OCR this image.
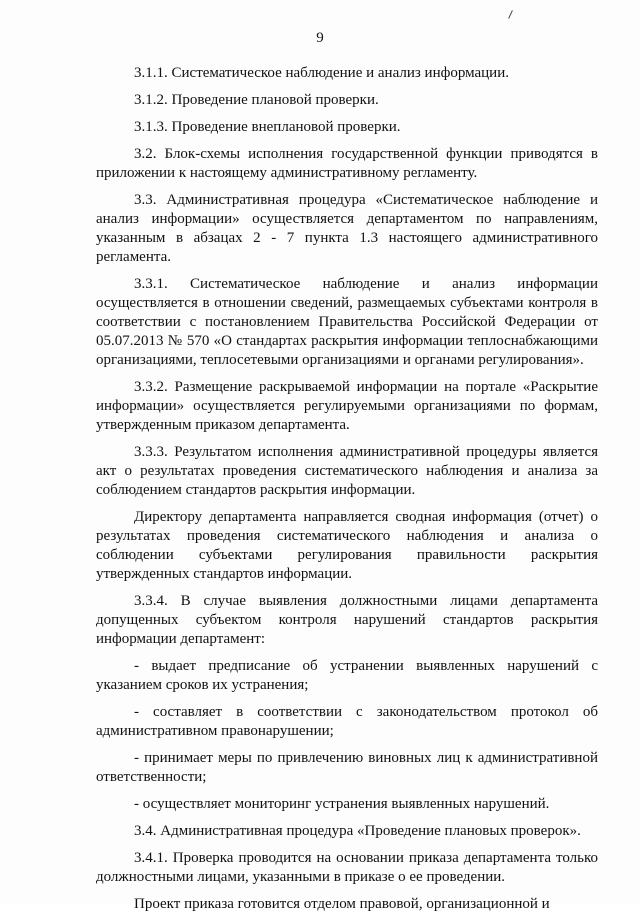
9

3.1.1. Систематическое наблюдение и анализ информации.

3.1.2. Проведение плановой проверки.

3.1.3. Проведение внеплановой проверки.

3.2. Блок-схемы исполнения государственной функции приводятся в приложении к настоящему административному регламенту.

3.3. Административная процедура «Систематическое наблюдение и анализ информации» осуществляется департаментом по направлениям, указанным в абзацах 2 - 7 пункта 1.3 настоящего административного регламента.

3.3.1. Систематическое наблюдение и анализ информации осуществляется в отношении сведений, размещаемых субъектами контроля в соответствии с постановлением Правительства Российской Федерации от 05.07.2013 № 570 «О стандартах раскрытия информации теплоснабжающими организациями, теплосетевыми организациями и органами регулирования».

3.3.2. Размещение раскрываемой информации на портале «Раскрытие информации» осуществляется регулируемыми организациями по формам, утвержденным приказом департамента.

3.3.3. Результатом исполнения административной процедуры является акт о результатах проведения систематического наблюдения и анализа за соблюдением стандартов раскрытия информации.

Директору департамента направляется сводная информация (отчет) о результатах проведения систематического наблюдения и анализа о соблюдении субъектами регулирования правильности раскрытия утвержденных стандартов информации.

3.3.4. В случае выявления должностными лицами департамента допущенных субъектом контроля нарушений стандартов раскрытия информации департамент:

- выдает предписание об устранении выявленных нарушений с указанием сроков их устранения;

- составляет в соответствии с законодательством протокол об административном правонарушении;

- принимает меры по привлечению виновных лиц к административной ответственности;

- осуществляет мониторинг устранения выявленных нарушений.

3.4. Административная процедура «Проведение плановых проверок».

3.4.1. Проверка проводится на основании приказа департамента только должностными лицами, указанными в приказе о ее проведении.

Проект приказа готовится отделом правовой, организационной и
